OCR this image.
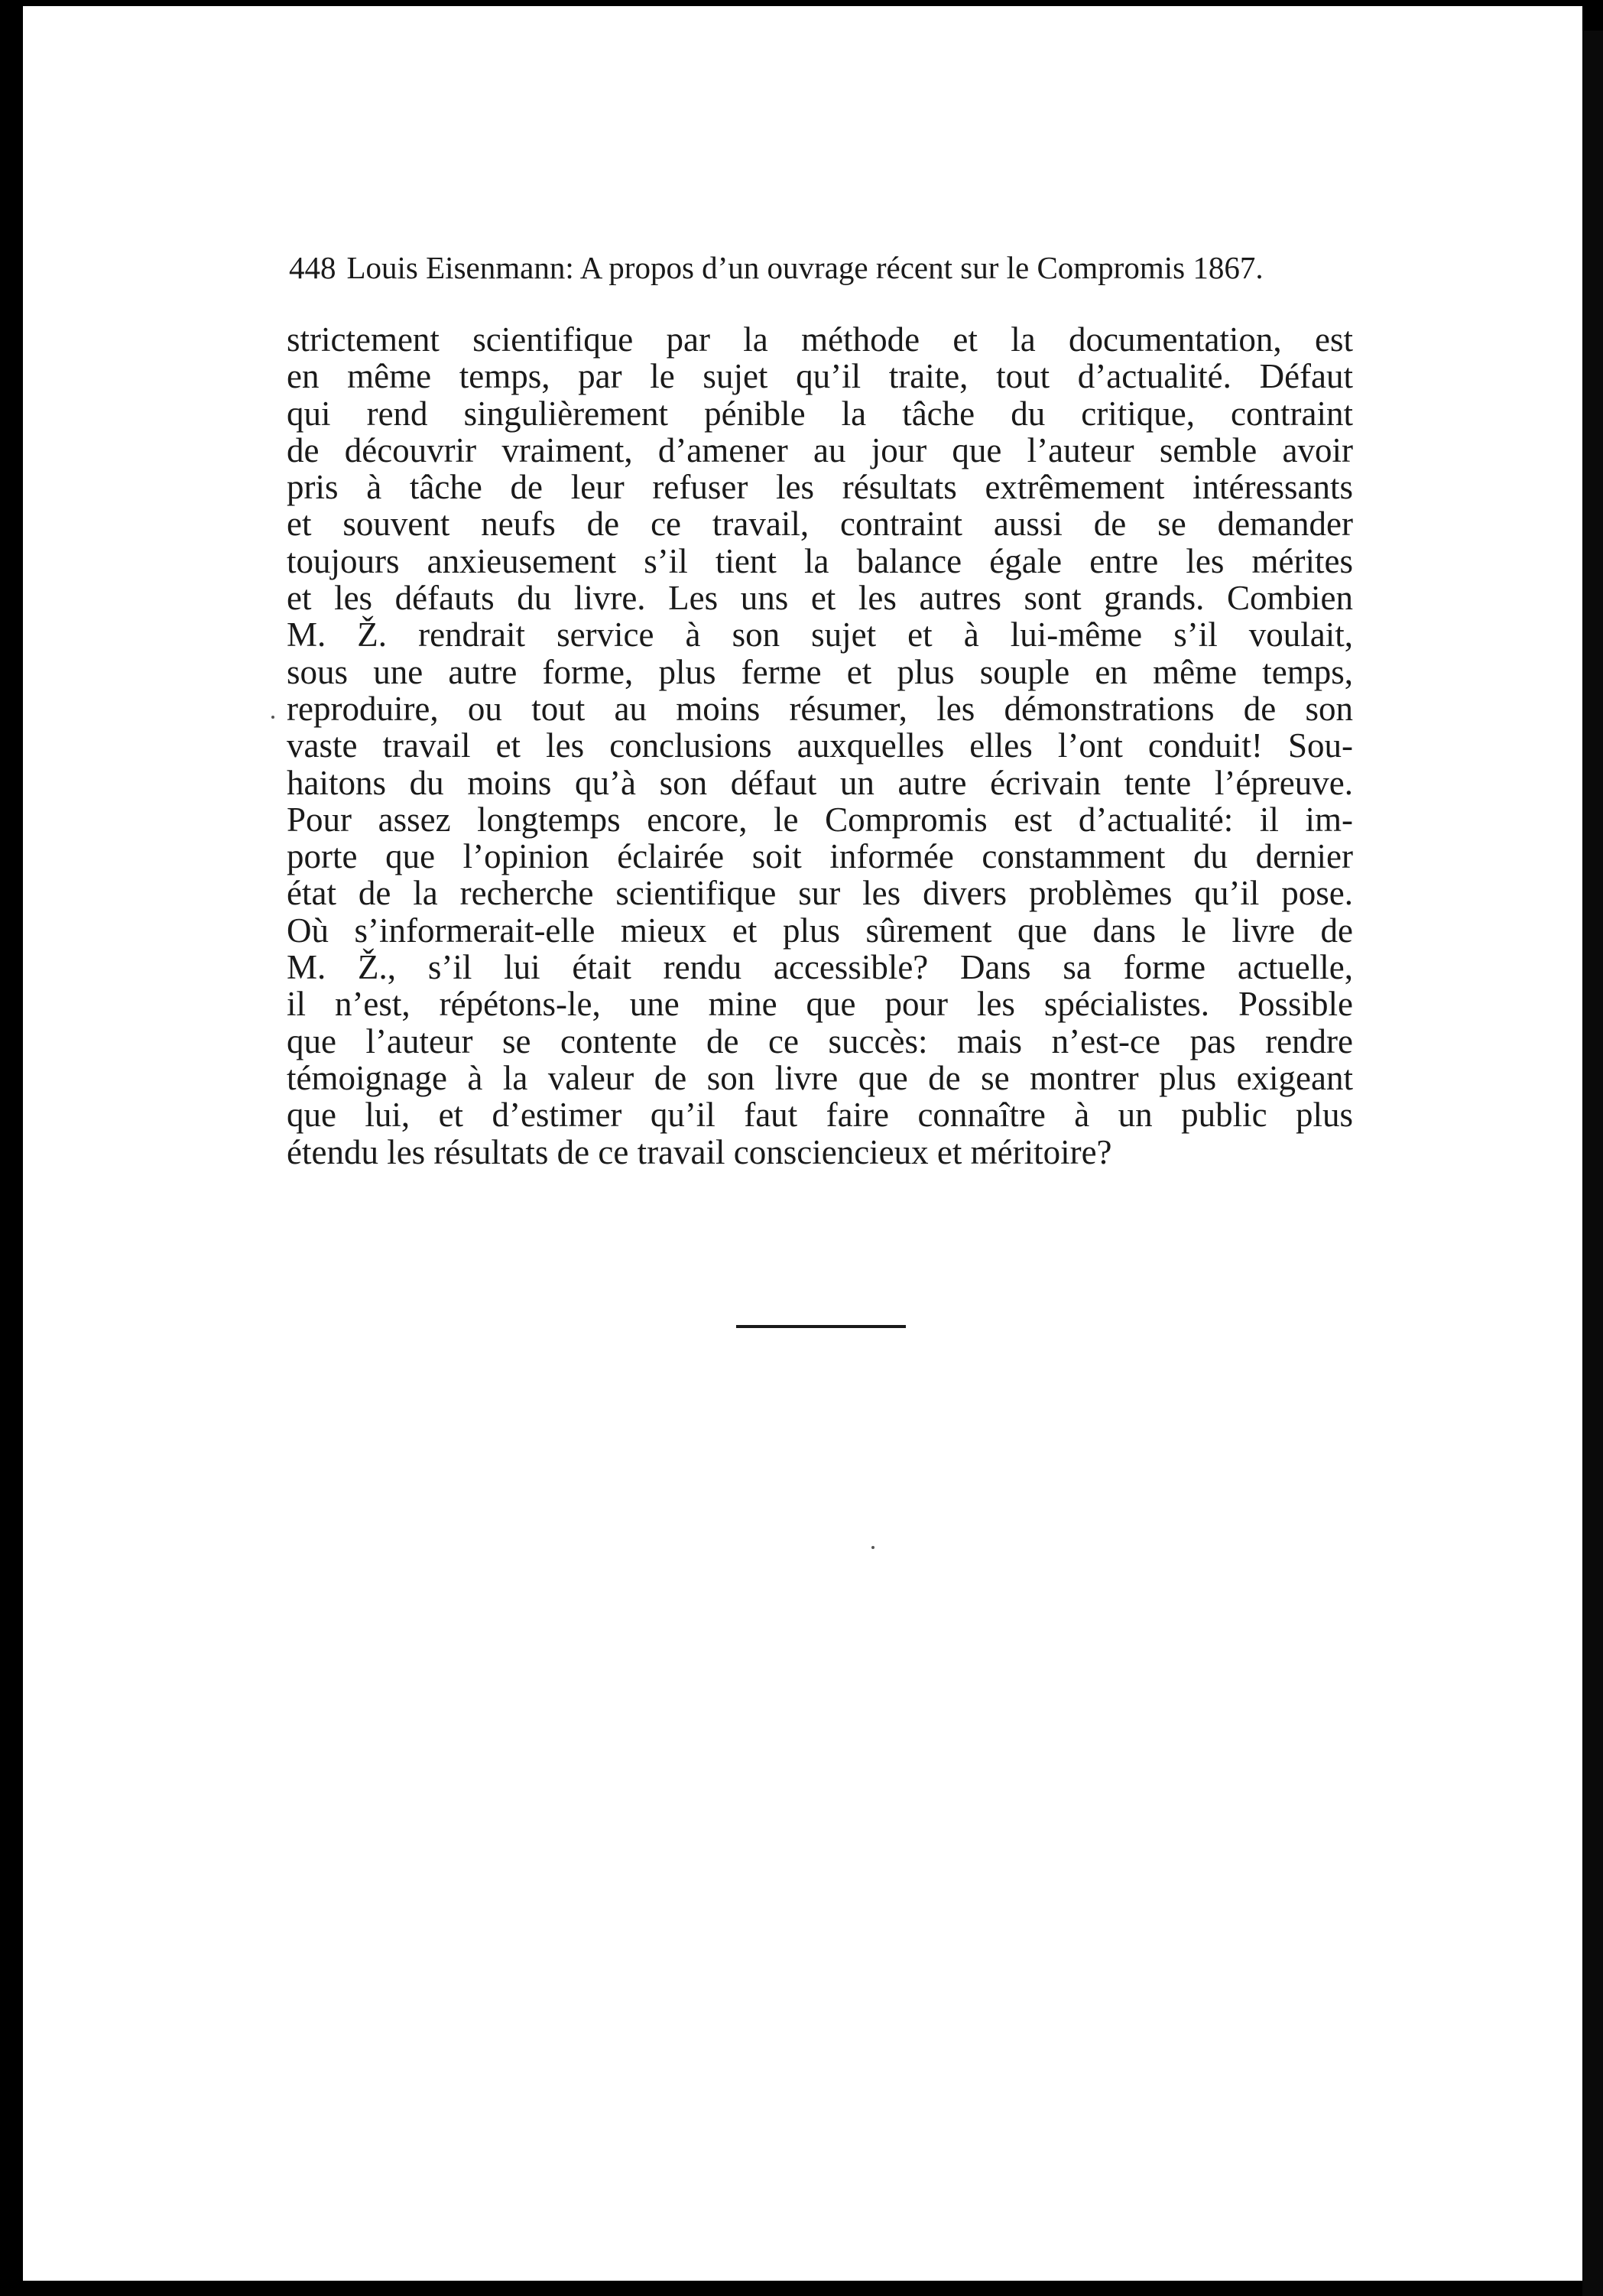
448 Louis Eisenmann: A propos d’un ouvrage récent sur le Compromis 1867.
strictement scientifique par la méthode et la documentation, est
en même temps, par le sujet qu’il traite, tout d’actualité. Défaut
qui rend singulièrement pénible la tâche du critique, contraint
de découvrir vraiment, d’amener au jour que l’auteur semble avoir
pris à tâche de leur refuser les résultats extrêmement intéressants
et souvent neufs de ce travail, contraint aussi de se demander
toujours anxieusement s’il tient la balance égale entre les mérites
et les défauts du livre. Les uns et les autres sont grands. Combien
M. Ž. rendrait service à son sujet et à lui-même s’il voulait,
sous une autre forme, plus ferme et plus souple en même temps,
reproduire, ou tout au moins résumer, les démonstrations de son
vaste travail et les conclusions auxquelles elles l’ont conduit! Sou-
haitons du moins qu’à son défaut un autre écrivain tente l’épreuve.
Pour assez longtemps encore, le Compromis est d’actualité: il im-
porte que l’opinion éclairée soit informée constamment du dernier
état de la recherche scientifique sur les divers problèmes qu’il pose.
Où s’informerait-elle mieux et plus sûrement que dans le livre de
M. Ž., s’il lui était rendu accessible? Dans sa forme actuelle,
il n’est, répétons-le, une mine que pour les spécialistes. Possible
que l’auteur se contente de ce succès: mais n’est-ce pas rendre
témoignage à la valeur de son livre que de se montrer plus exigeant
que lui, et d’estimer qu’il faut faire connaître à un public plus
étendu les résultats de ce travail consciencieux et méritoire?
